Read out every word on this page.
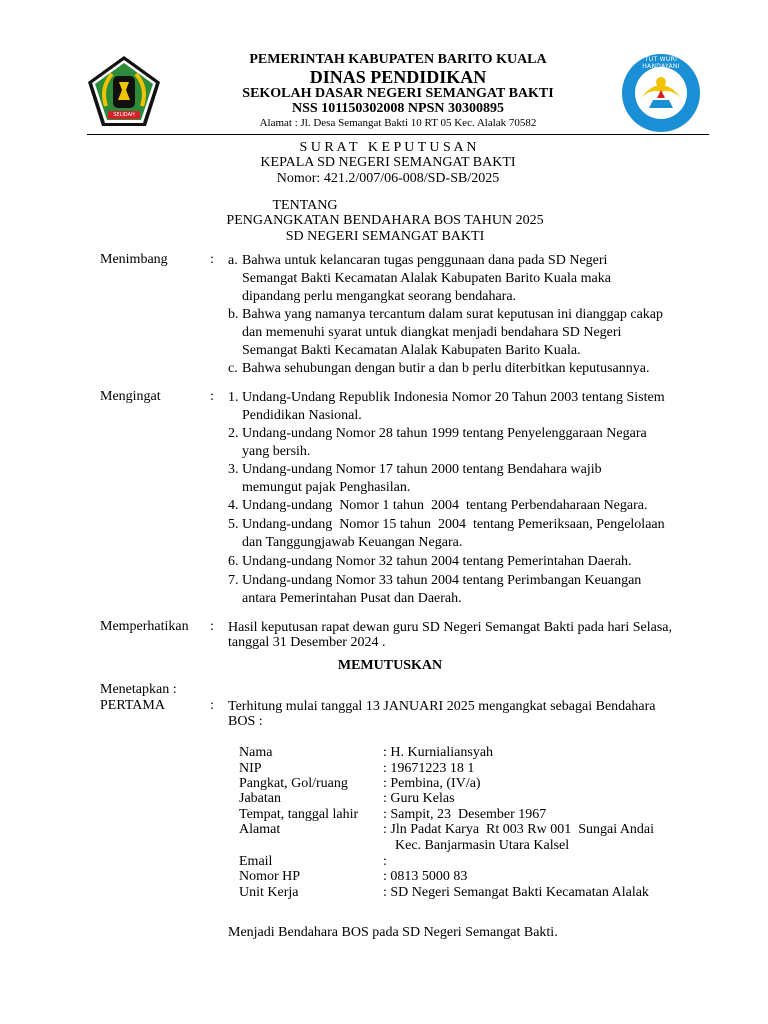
SELIDAH
TUT WURI HANDAYANI
PEMERINTAH KABUPATEN BARITO KUALA
DINAS PENDIDIKAN
SEKOLAH DASAR NEGERI SEMANGAT BAKTI
NSS 101150302008 NPSN 30300895
Alamat : Jl. Desa Semangat Bakti 10 RT 05 Kec. Alalak 70582
S U R A T   K E P U T U S A N
KEPALA SD NEGERI SEMANGAT BAKTI
Nomor: 421.2/007/06-008/SD-SB/2025
TENTANG
PENGANGKATAN BENDAHARA BOS TAHUN 2025
SD NEGERI SEMANGAT BAKTI
Menimbang	: a. Bahwa untuk kelancaran tugas penggunaan dana pada SD Negeri
Semangat Bakti Kecamatan Alalak Kabupaten Barito Kuala maka
dipandang perlu mengangkat seorang bendahara.
b. Bahwa yang namanya tercantum dalam surat keputusan ini dianggap cakap
dan memenuhi syarat untuk diangkat menjadi bendahara SD Negeri
Semangat Bakti Kecamatan Alalak Kabupaten Barito Kuala.
c. Bahwa sehubungan dengan butir a dan b perlu diterbitkan keputusannya.
Mengingat	: 1. Undang-Undang Republik Indonesia Nomor 20 Tahun 2003 tentang Sistem
Pendidikan Nasional.
2. Undang-undang Nomor 28 tahun 1999 tentang Penyelenggaraan Negara
yang bersih.
3. Undang-undang Nomor 17 tahun 2000 tentang Bendahara wajib
memungut pajak Penghasilan.
4. Undang-undang  Nomor 1 tahun  2004  tentang Perbendaharaan Negara.
5. Undang-undang  Nomor 15 tahun  2004  tentang Pemeriksaan, Pengelolaan
dan Tanggungjawab Keuangan Negara.
6. Undang-undang Nomor 32 tahun 2004 tentang Pemerintahan Daerah.
7. Undang-undang Nomor 33 tahun 2004 tentang Perimbangan Keuangan
antara Pemerintahan Pusat dan Daerah.
Memperhatikan : Hasil keputusan rapat dewan guru SD Negeri Semangat Bakti pada hari Selasa,
tanggal 31 Desember 2024 .
MEMUTUSKAN
Menetapkan :
PERTAMA	: Terhitung mulai tanggal 13 JANUARI 2025 mengangkat sebagai Bendahara
BOS :
Nama	: H. Kurnialiansyah
NIP	: 19671223 18 1
Pangkat, Gol/ruang	: Pembina, (IV/a)
Jabatan	: Guru Kelas
Tempat, tanggal lahir : Sampit, 23  Desember 1967
Alamat	: Jln Padat Karya  Rt 003 Rw 001  Sungai Andai
Kec. Banjarmasin Utara Kalsel
Email	:
Nomor HP	: 0813 5000 83
Unit Kerja	: SD Negeri Semangat Bakti Kecamatan Alalak
Menjadi Bendahara BOS pada SD Negeri Semangat Bakti.
